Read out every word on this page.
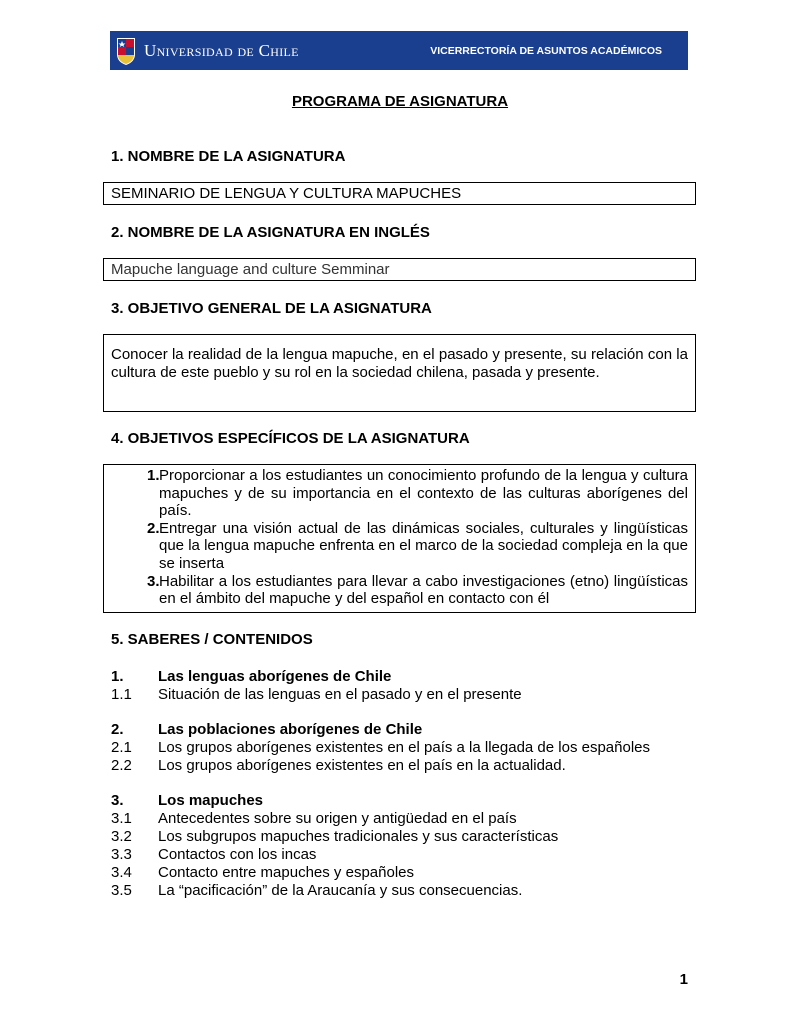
Universidad de Chile	VICERRECTORÍA DE ASUNTOS ACADÉMICOS
PROGRAMA DE ASIGNATURA
1. NOMBRE DE LA ASIGNATURA
SEMINARIO DE LENGUA Y CULTURA MAPUCHES
2. NOMBRE DE LA ASIGNATURA EN INGLÉS
Mapuche language and culture Semminar
3. OBJETIVO GENERAL DE LA ASIGNATURA
Conocer la realidad de la lengua mapuche, en el pasado y presente, su relación con la cultura de este pueblo y su rol en la sociedad chilena, pasada y presente.
4. OBJETIVOS ESPECÍFICOS DE LA ASIGNATURA
1. Proporcionar a los estudiantes un conocimiento profundo de la lengua y cultura mapuches y de su importancia en el contexto de las culturas aborígenes del país.
2. Entregar una visión actual de las dinámicas sociales, culturales y lingüísticas que la lengua mapuche enfrenta en el marco de la sociedad compleja en la que se inserta
3. Habilitar a los estudiantes para llevar a cabo investigaciones (etno) lingüísticas en el ámbito del mapuche y del español en contacto con él
5. SABERES / CONTENIDOS
1.	Las lenguas aborígenes de Chile
1.1	Situación de las lenguas en el pasado y en el presente
2.	Las poblaciones aborígenes de Chile
2.1	Los grupos aborígenes existentes en el país a la llegada de los españoles
2.2	Los grupos aborígenes existentes en el país en la actualidad.
3.	Los mapuches
3.1	Antecedentes sobre su origen y antigüedad en el país
3.2	Los subgrupos mapuches tradicionales y sus características
3.3	Contactos con los incas
3.4	Contacto entre mapuches y españoles
3.5	La “pacificación” de la Araucanía y sus consecuencias.
1
